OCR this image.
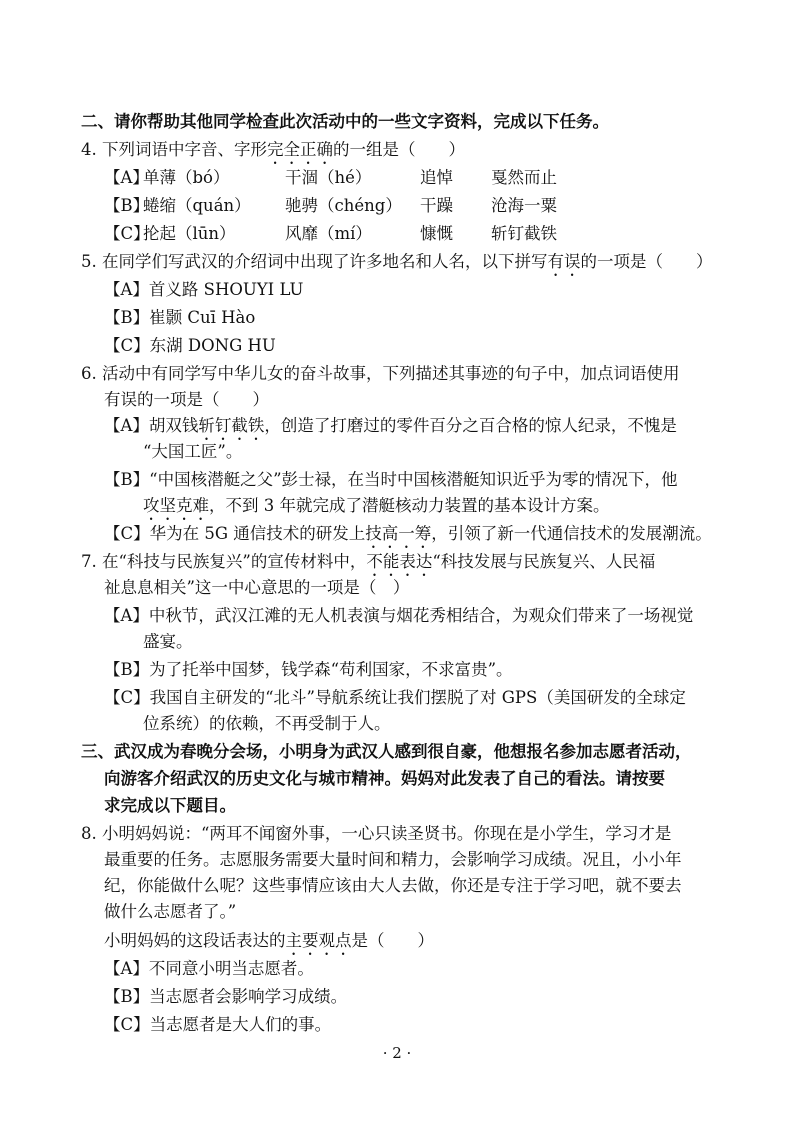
二、请你帮助其他同学检查此次活动中的一些文字资料，完成以下任务。
4. 下列词语中字音、字形完全正确的一组是（　　）
【A】
单薄（bó）	干涸（hé）	追悼 戛然而止
【B】
蜷缩（quán） 驰骋（chéng） 干躁 沧海一粟
【C】
抡起（lūn）	风靡（mí）	慷慨 斩钉截铁
5. 在同学们写武汉的介绍词中出现了许多地名和人名，以下拼写有误的一项是（　　）
【A】首义路 SHOUYI LU
【B】崔颢 Cuī Hào
【C】东湖 DONG HU
6. 活动中有同学写中华儿女的奋斗故事，下列描述其事迹的句子中，加点词语使用
有误的一项是（　　）
【A】胡双钱斩钉截铁，创造了打磨过的零件百分之百合格的惊人纪录，不愧是
“大国工匠”。
【B】“中国核潜艇之父”彭士禄，在当时中国核潜艇知识近乎为零的情况下，他
攻坚克难，不到 3 年就完成了潜艇核动力装置的基本设计方案。
【C】华为在 5G 通信技术的研发上技高一筹，引领了新一代通信技术的发展潮流。
7. 在“科技与民族复兴”的宣传材料中，不能表达“科技发展与民族复兴、人民福
祉息息相关”这一中心意思的一项是（　）
【A】中秋节，武汉江滩的无人机表演与烟花秀相结合，为观众们带来了一场视觉
盛宴。
【B】为了托举中国梦，钱学森“苟利国家，不求富贵”。
【C】我国自主研发的“北斗”导航系统让我们摆脱了对 GPS（美国研发的全球定
位系统）的依赖，不再受制于人。
三、武汉成为春晚分会场，小明身为武汉人感到很自豪，他想报名参加志愿者活动，
向游客介绍武汉的历史文化与城市精神。妈妈对此发表了自己的看法。请按要
求完成以下题目。
8. 小明妈妈说：“两耳不闻窗外事，一心只读圣贤书。你现在是小学生，学习才是
最重要的任务。志愿服务需要大量时间和精力，会影响学习成绩。况且，小小年
纪，你能做什么呢？这些事情应该由大人去做，你还是专注于学习吧，就不要去
做什么志愿者了。”
小明妈妈的这段话表达的主要观点是（　　）
【A】不同意小明当志愿者。
【B】当志愿者会影响学习成绩。
【C】当志愿者是大人们的事。
· 2 ·
